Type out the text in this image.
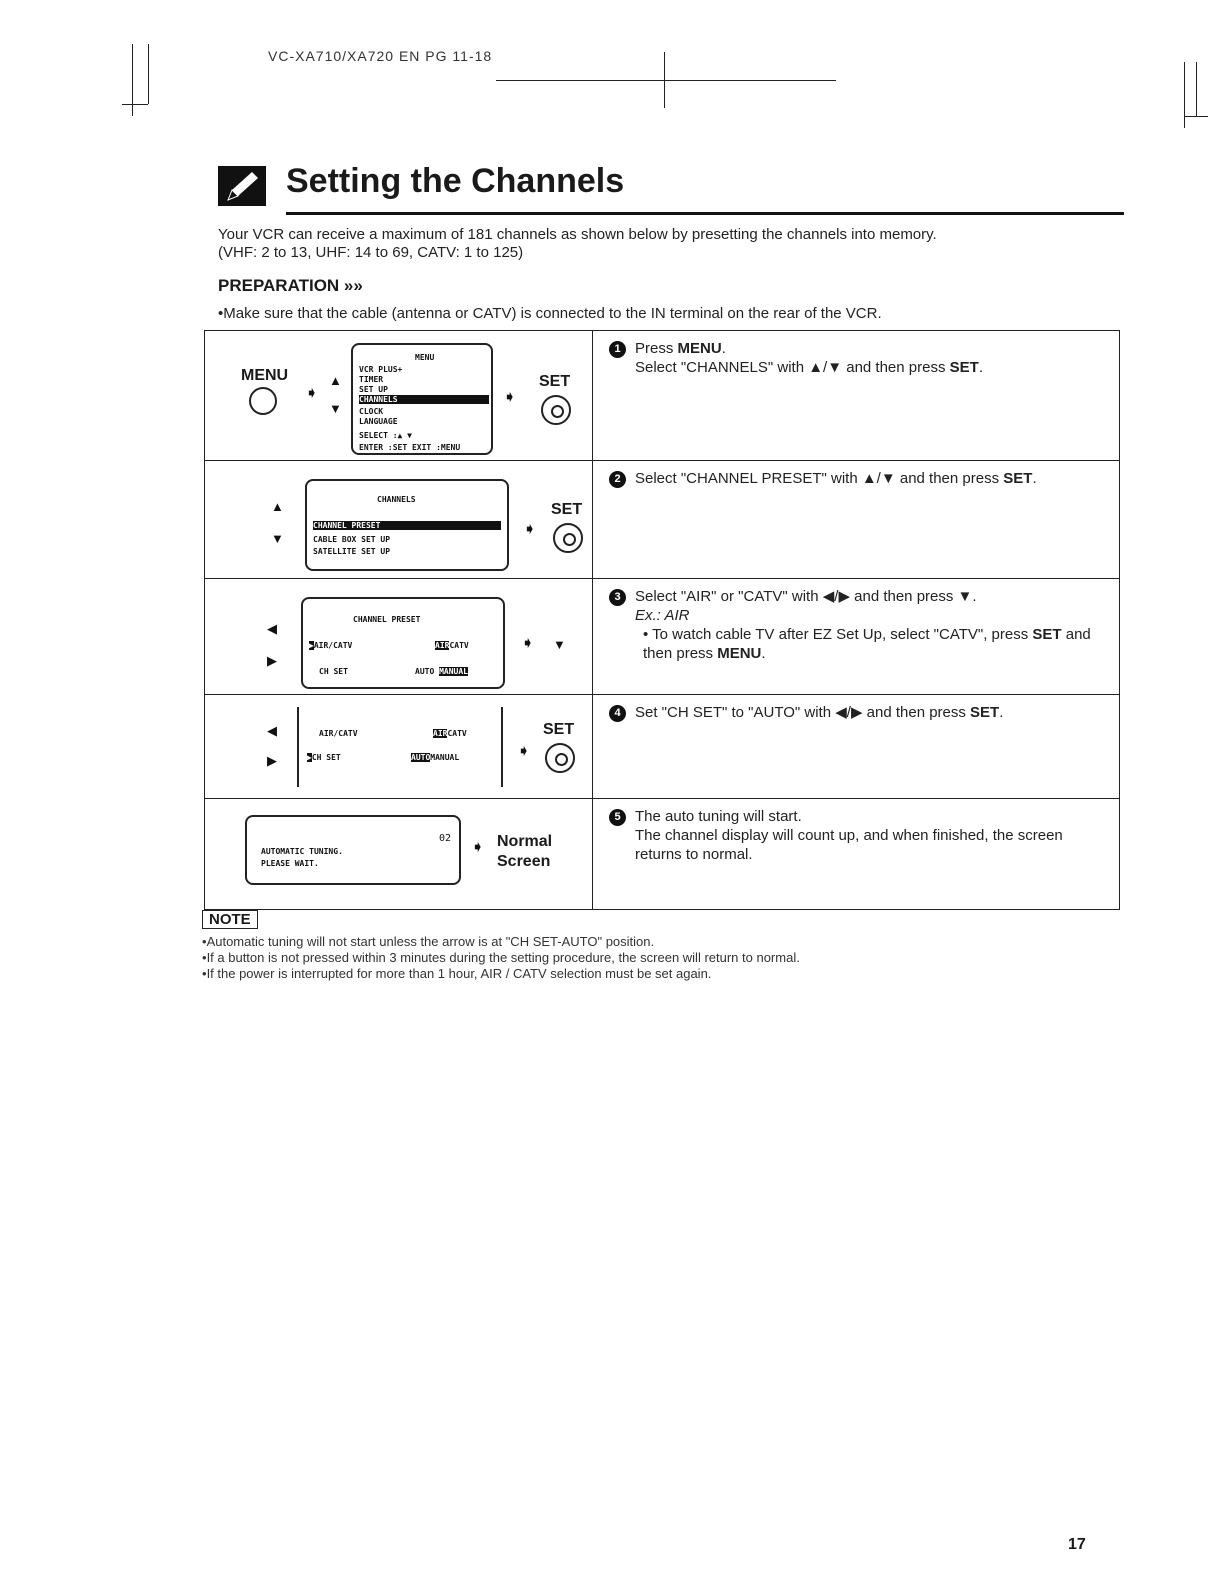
VC-XA710/XA720 EN PG 11-18
Setting the Channels
Your VCR can receive a maximum of 181 channels as shown below by presetting the channels into memory.
(VHF: 2 to 13, UHF: 14 to 69, CATV: 1 to 125)
PREPARATION »»
•Make sure that the cable (antenna or CATV) is connected to the IN terminal on the rear of the VCR.
MENU
➧
▲
▼
MENU
VCR PLUS+
TIMER
SET UP
CHANNELS
CLOCK
LANGUAGE
SELECT :▲ ▼
ENTER :SET EXIT :MENU
➧
SET
1 Press MENU.
Select "CHANNELS" with ▲/▼ and then press SET.
▲
▼
CHANNELS
CHANNEL PRESET
CABLE BOX SET UP
SATELLITE SET UP
➧
SET
2 Select "CHANNEL PRESET" with ▲/▼ and then press SET.
◀
▶
CHANNEL PRESET
▶AIR/CATV	AIRCATV
CH SET	AUTO MANUAL
➧ ▼
3 Select "AIR" or "CATV" with ◀/▶ and then press ▼.
Ex.: AIR
• To watch cable TV after EZ Set Up, select "CATV", press SET and then press MENU.
◀
▶
AIR/CATV	AIRCATV
▶CH SET	AUTOMANUAL	➧
SET
4 Set "CH SET" to "AUTO" with ◀/▶ and then press SET.
02
AUTOMATIC TUNING.
PLEASE WAIT.
➧ Normal
Screen
5 The auto tuning will start.
The channel display will count up, and when finished, the screen returns to normal.
NOTE
• Automatic tuning will not start unless the arrow is at "CH SET-AUTO" position.
• If a button is not pressed within 3 minutes during the setting procedure, the screen will return to normal.
• If the power is interrupted for more than 1 hour, AIR / CATV selection must be set again.
17
